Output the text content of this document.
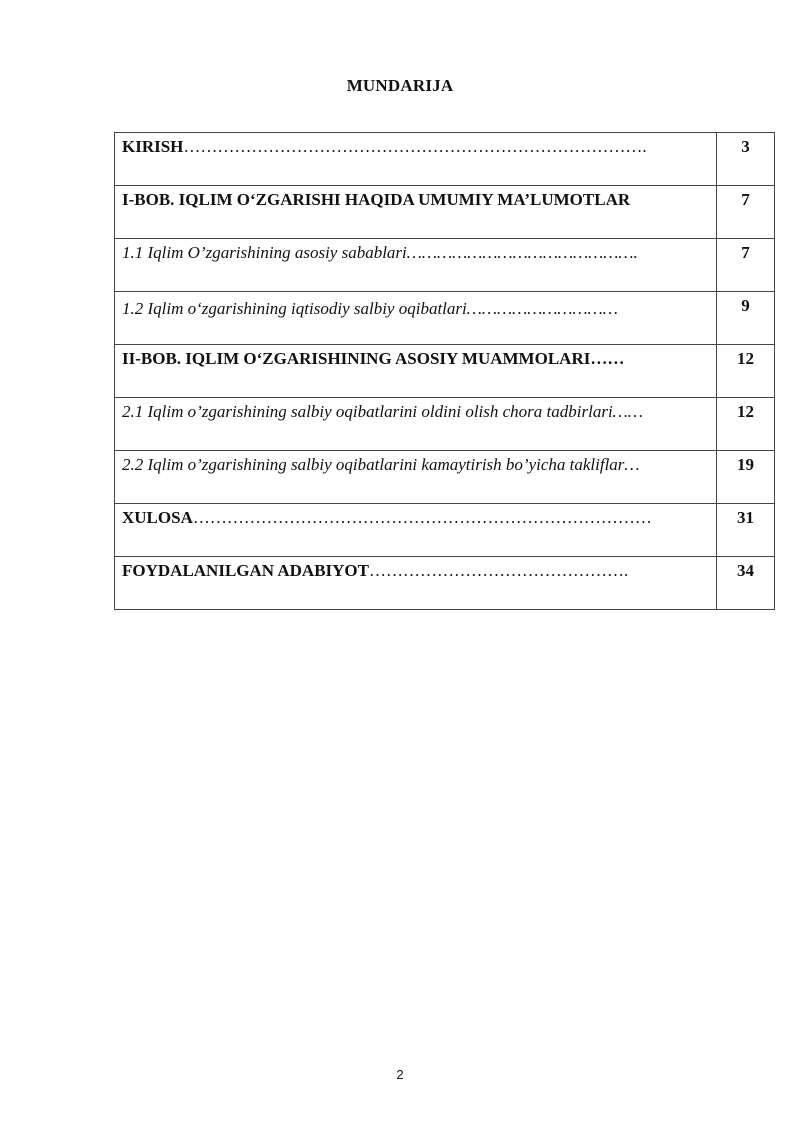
MUNDARIJA
KIRISH……………………………………………………………………….	3

I-BOB. IQLIM O‘ZGARISHI HAQIDA UMUMIY MA’LUMOTLAR	7

1.1 Iqlim O’zgarishining asosiy sabablari……………………………………….	7

1.2 Iqlim o‘zgarishining iqtisodiy salbiy oqibatlari…………………………	9

II-BOB. IQLIM O‘ZGARISHINING ASOSIY MUAMMOLARI……	12

2.1 Iqlim o’zgarishining salbiy oqibatlarini oldini olish chora tadbirlari……	12

2.2 Iqlim o’zgarishining salbiy oqibatlarini kamaytirish bo’yicha takliflar…	19

XULOSA………………………………………………………………………	31

FOYDALANILGAN ADABIYOT……………………………………….	34
2
